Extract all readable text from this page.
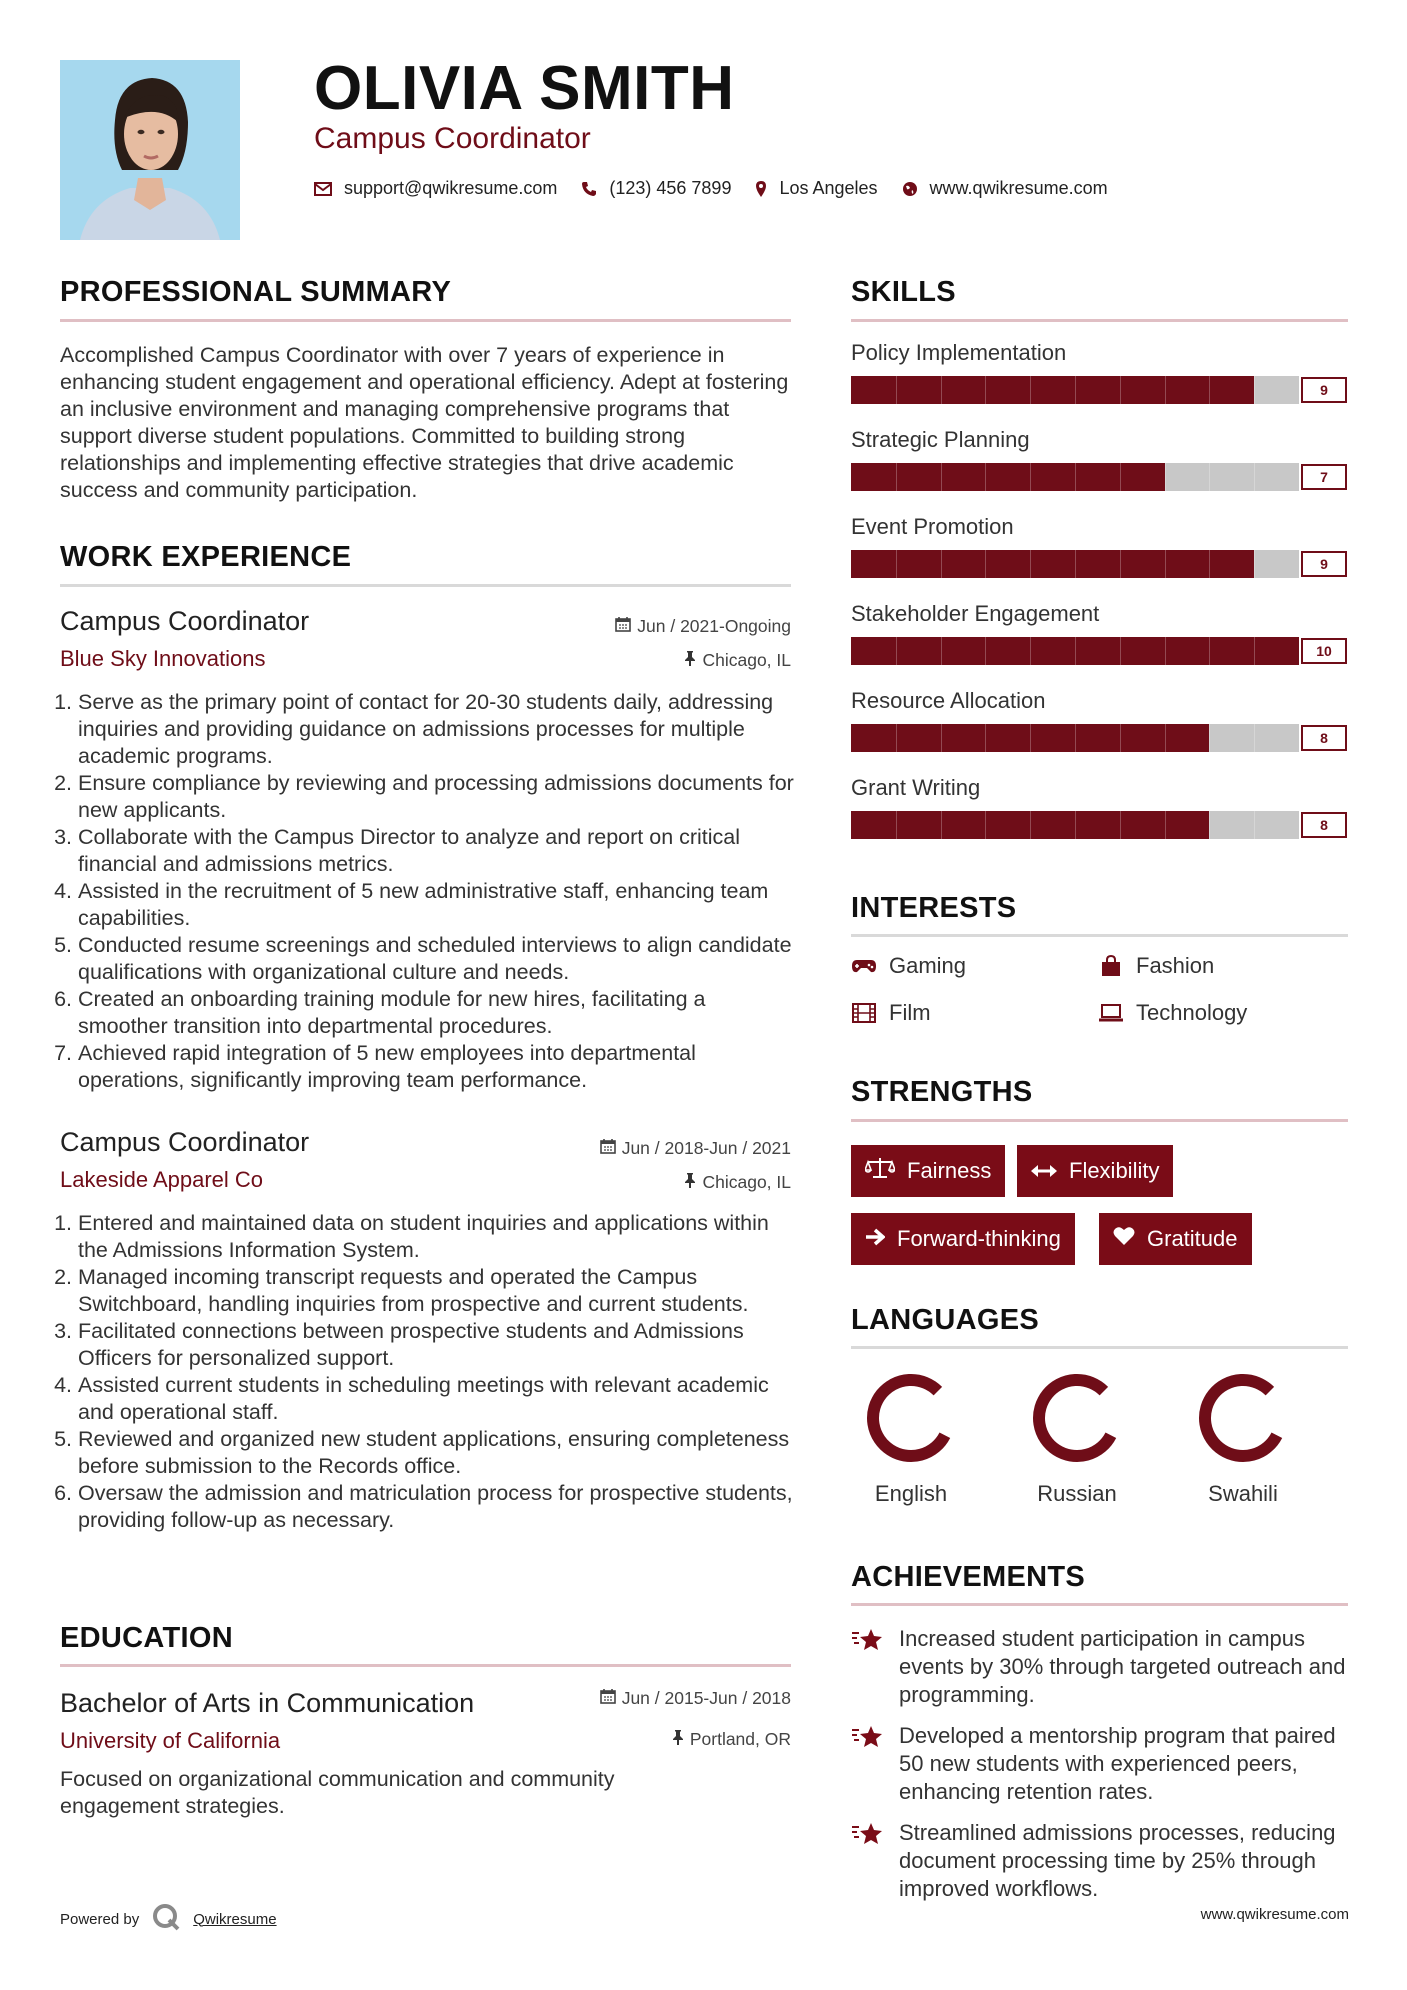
OLIVIA SMITH
Campus Coordinator
support@qwikresume.com	(123) 456 7899	Los Angeles	www.qwikresume.com
PROFESSIONAL SUMMARY
Accomplished Campus Coordinator with over 7 years of experience in enhancing student engagement and operational efficiency. Adept at fostering an inclusive environment and managing comprehensive programs that support diverse student populations. Committed to building strong relationships and implementing effective strategies that drive academic success and community participation.
WORK EXPERIENCE
Campus Coordinator	Jun / 2021-Ongoing
Blue Sky Innovations	Chicago, IL
1. Serve as the primary point of contact for 20-30 students daily, addressing inquiries and providing guidance on admissions processes for multiple academic programs.
2. Ensure compliance by reviewing and processing admissions documents for new applicants.
3. Collaborate with the Campus Director to analyze and report on critical financial and admissions metrics.
4. Assisted in the recruitment of 5 new administrative staff, enhancing team capabilities.
5. Conducted resume screenings and scheduled interviews to align candidate qualifications with organizational culture and needs.
6. Created an onboarding training module for new hires, facilitating a smoother transition into departmental procedures.
7. Achieved rapid integration of 5 new employees into departmental operations, significantly improving team performance.
Campus Coordinator	Jun / 2018-Jun / 2021
Lakeside Apparel Co	Chicago, IL
1. Entered and maintained data on student inquiries and applications within the Admissions Information System.
2. Managed incoming transcript requests and operated the Campus Switchboard, handling inquiries from prospective and current students.
3. Facilitated connections between prospective students and Admissions Officers for personalized support.
4. Assisted current students in scheduling meetings with relevant academic and operational staff.
5. Reviewed and organized new student applications, ensuring completeness before submission to the Records office.
6. Oversaw the admission and matriculation process for prospective students, providing follow-up as necessary.
EDUCATION
Bachelor of Arts in Communication	Jun / 2015-Jun / 2018
University of California	Portland, OR
Focused on organizational communication and community engagement strategies.
SKILLS
Policy Implementation
9
Strategic Planning
7
Event Promotion
9
Stakeholder Engagement
10
Resource Allocation
8
Grant Writing
8
INTERESTS
Gaming	Fashion
Film	Technology
STRENGTHS
Fairness	Flexibility
Forward-thinking	Gratitude
LANGUAGES
English	Russian	Swahili
ACHIEVEMENTS
Increased student participation in campus events by 30% through targeted outreach and programming.
Developed a mentorship program that paired 50 new students with experienced peers, enhancing retention rates.
Streamlined admissions processes, reducing document processing time by 25% through improved workflows.
Powered by	Qwikresume	www.qwikresume.com
